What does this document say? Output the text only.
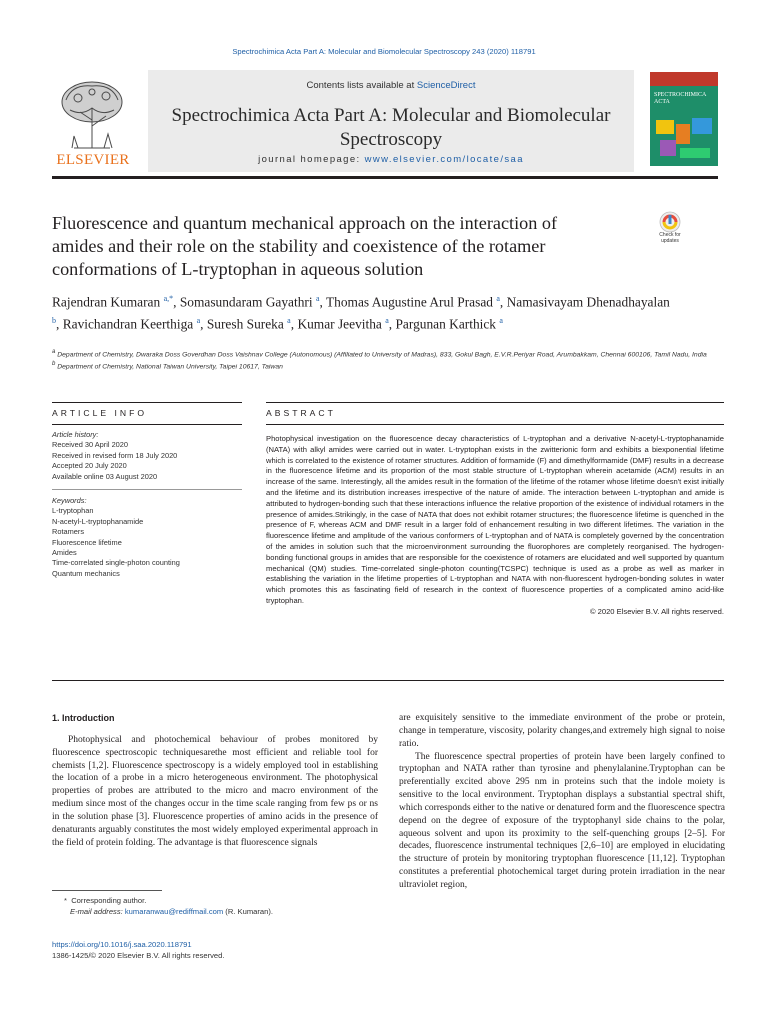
Spectrochimica Acta Part A: Molecular and Biomolecular Spectroscopy 243 (2020) 118791
ELSEVIER
Contents lists available at ScienceDirect
Spectrochimica Acta Part A: Molecular and Biomolecular Spectroscopy
journal homepage: www.elsevier.com/locate/saa
SPECTROCHIMICA ACTA
Fluorescence and quantum mechanical approach on the interaction of amides and their role on the stability and coexistence of the rotamer conformations of L-tryptophan in aqueous solution
Check for updates
Rajendran Kumaran $^{a,*}$, Somasundaram Gayathri $^a$, Thomas Augustine Arul Prasad $^a$, Namasivayam Dhenadhayalan $^b$, Ravichandran Keerthiga $^a$, Suresh Sureka $^a$, Kumar Jeevitha $^a$, Pargunan Karthick $^a$
$^a$ Department of Chemistry, Dwaraka Doss Goverdhan Doss Vaishnav College (Autonomous) (Affiliated to University of Madras), 833, Gokul Bagh, E.V.R.Periyar Road, Arumbakkam, Chennai 600106, Tamil Nadu, India
$^b$ Department of Chemistry, National Taiwan University, Taipei 10617, Taiwan
ARTICLE INFO
Article history:
Received 30 April 2020
Received in revised form 18 July 2020
Accepted 20 July 2020
Available online 03 August 2020
Keywords:
L-tryptophan
N-acetyl-L-tryptophanamide
Rotamers
Fluorescence lifetime
Amides
Time-correlated single-photon counting
Quantum mechanics
ABSTRACT
Photophysical investigation on the fluorescence decay characteristics of L-tryptophan and a derivative N-acetyl-L-tryptophanamide (NATA) with alkyl amides were carried out in water. L-tryptophan exists in the zwitterionic form and exhibits a biexponential lifetime which is correlated to the existence of rotamer structures. Addition of formamide (F) and dimethylformamide (DMF) results in a decrease in the fluorescence lifetime and its proportion of the most stable structure of L-tryptophan wherein acetamide (ACM) results in an increase of the same. Interestingly, all the amides result in the formation of the lifetime of the rotamer whose lifetime doesn't exist initially and the lifetime and its distribution increases irrespective of the nature of amide. The interaction between L-tryptophan and amide is attributed to hydrogen-bonding such that these interactions influence the relative proportion of the existence of individual rotamers in the presence of amides.Strikingly, in the case of NATA that does not exhibit rotamer structures; the fluorescence lifetime is quenched in the presence of F, whereas ACM and DMF result in a larger fold of enhancement resulting in two different lifetimes. The variation in the fluorescence lifetime and amplitude of the various conformers of L-tryptophan and of NATA is completely governed by the concentration of the amides in solution such that the microenvironment surrounding the fluorophores are completely reorganised. The hydrogen-bonding functional groups in amides that are responsible for the coexistence of rotamers are elucidated and well supported by quantum mechanical (QM) studies. Time-correlated single-photon counting(TCSPC) technique is used as a probe as well as marker in establishing the variation in the lifetime properties of L-tryptophan and NATA with non-fluorescent hydrogen-bonding solutes in water which promotes this as fascinating field of research in the context of fluorescence properties of a complicated amino acid-like tryptophan.
© 2020 Elsevier B.V. All rights reserved.
1. Introduction

Photophysical and photochemical behaviour of probes monitored by fluorescence spectroscopic techniquesarethe most efficient and reliable tool for chemists [1,2]. Fluorescence spectroscopy is a widely employed tool in establishing the location of a probe in a micro heterogeneous environment. The photophysical properties of probes are attributed to the micro and macro environment of the medium since most of the changes occur in the time scale ranging from few ps or ns in the solution phase [3]. Fluorescence properties of amino acids in the presence of denaturants arguably constitutes the most widely employed experimental approach in the field of protein folding. The advantage is that fluorescence signals

are exquisitely sensitive to the immediate environment of the probe or protein, change in temperature, viscosity, polarity changes,and extremely high signal to noise ratio.

The fluorescence spectral properties of protein have been largely confined to tryptophan and NATA rather than tyrosine and phenylalanine.Tryptophan can be preferentially excited above 295 nm in proteins such that the indole moiety is sensitive to the local environment. Tryptophan displays a substantial spectral shift, which corresponds either to the native or denatured form and the fluorescence spectra depend on the degree of exposure of the tryptophanyl side chains to the polar, aqueous solvent and upon its proximity to the self-quenching groups [2–5]. For decades, fluorescence instrumental techniques [2,6–10] are employed in elucidating the structure of protein by monitoring tryptophan fluorescence [11,12]. Tryptophan constitutes a preferential photochemical target during protein irradiation in the near ultraviolet region,

* Corresponding author.
E-mail address: kumaranwau@rediffmail.com (R. Kumaran).
https://doi.org/10.1016/j.saa.2020.118791
1386-1425/© 2020 Elsevier B.V. All rights reserved.
